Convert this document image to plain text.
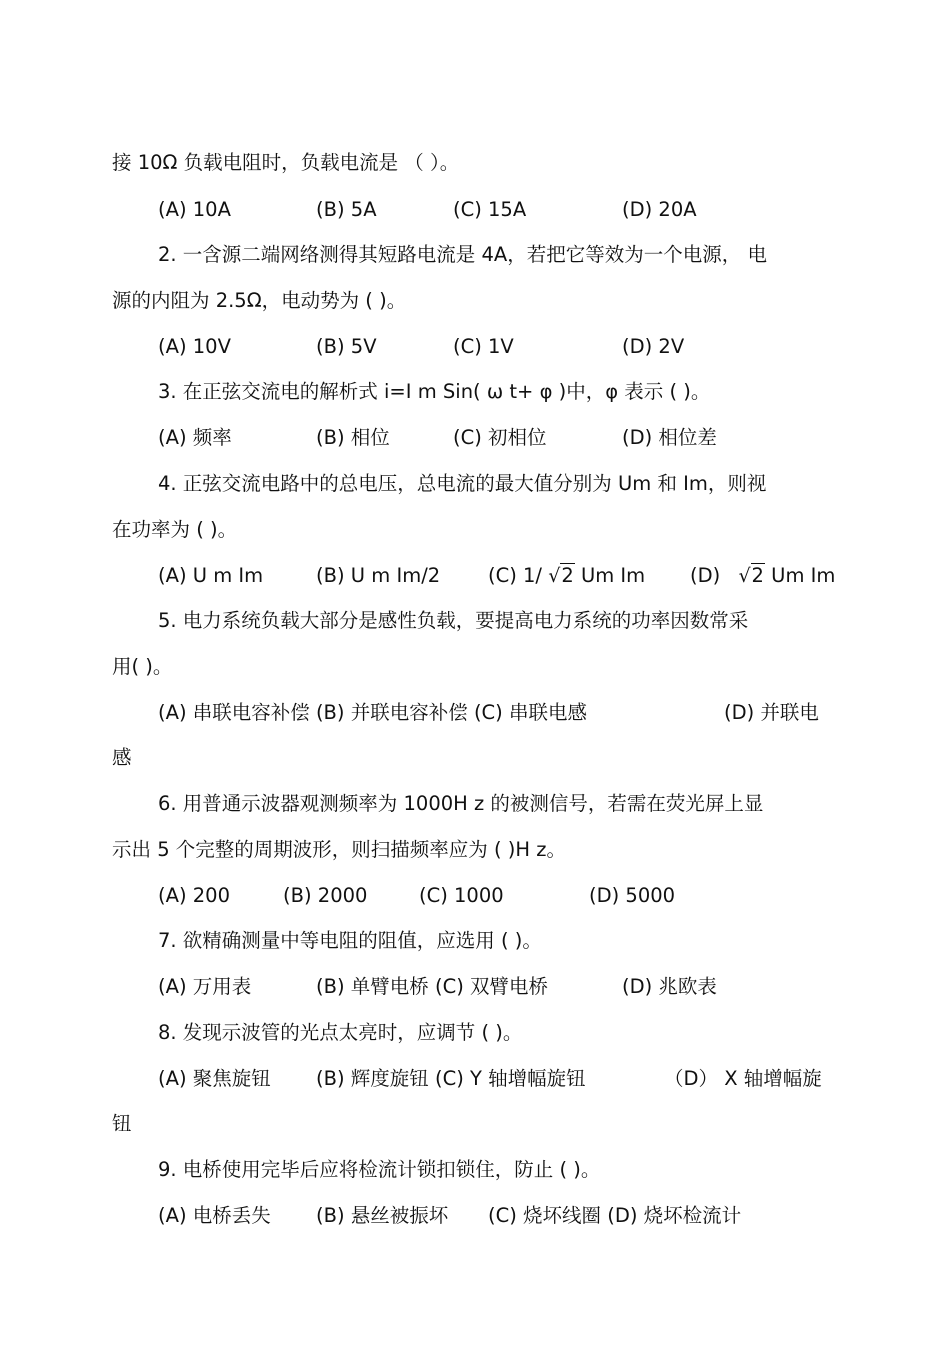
接 10Ω 负载电阻时，负载电流是 （ ）。
(A) 10A	(B) 5A	(C) 15A	(D) 20A
2. 一含源二端网络测得其短路电流是 4A，若把它等效为一个电源， 电
源的内阻为 2.5Ω，电动势为 ( )。
(A) 10V	(B) 5V	(C) 1V	(D) 2V
3. 在正弦交流电的解析式 i=I m Sin( ω t+ φ )中，φ 表示 ( )。
(A) 频率	(B) 相位	(C) 初相位	(D) 相位差
4. 正弦交流电路中的总电压，总电流的最大值分别为 Um 和 Im，则视
在功率为 ( )。
(A) U m Im	(B) U m Im/2 (C) 1/ √2 Um Im (D) √2 Um Im
5. 电力系统负载大部分是感性负载，要提高电力系统的功率因数常采
用( )。
(A) 串联电容补偿 (B) 并联电容补偿 (C) 串联电感	(D) 并联电
感
6. 用普通示波器观测频率为 1000H z 的被测信号，若需在荧光屏上显
示出 5 个完整的周期波形，则扫描频率应为 ( )H z。
(A) 200	(B) 2000	(C) 1000	(D) 5000
7. 欲精确测量中等电阻的阻值，应选用 ( )。
(A) 万用表	(B) 单臂电桥 (C) 双臂电桥	(D) 兆欧表
8. 发现示波管的光点太亮时，应调节 ( )。
(A) 聚焦旋钮 (B) 辉度旋钮 (C) Y 轴增幅旋钮	（D） X 轴增幅旋
钮
9. 电桥使用完毕后应将检流计锁扣锁住，防止 ( )。
(A) 电桥丢失 (B) 悬丝被振坏 (C) 烧坏线圈 (D) 烧坏检流计
